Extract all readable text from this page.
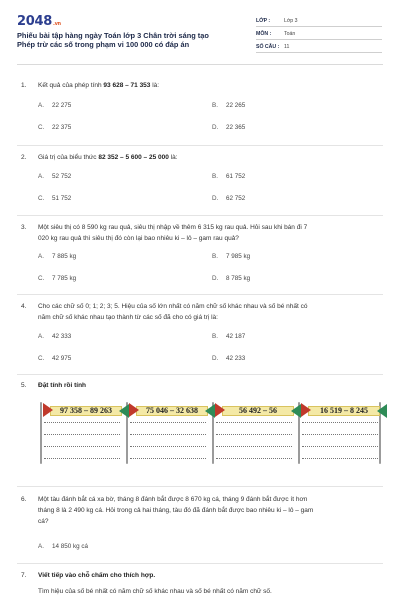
2048.vn
Phiếu bài tập hàng ngày Toán lớp 3 Chân trời sáng tạo
Phép trừ các số trong phạm vi 100 000 có đáp án
LỚP :	Lớp 3
MÔN :	Toán
SỐ CÂU : 11
1.	Kết quả của phép tính 93 628 – 71 353 là:
A. 22 275	B. 22 265
C. 22 375	D. 22 365
2.	Giá trị của biểu thức 82 352 – 5 600 – 25 000 là:
A. 52 752	B. 61 752
C. 51 752	D. 62 752
3.	Một siêu thị có 8 590 kg rau quả, siêu thị nhập về thêm 6 315 kg rau quả. Hỏi sau khi bán đi 7
020 kg rau quả thì siêu thị đó còn lại bao nhiêu ki – lô – gam rau quả?
A. 7 885 kg	B. 7 985 kg
C. 7 785 kg	D. 8 785 kg
4.	Cho các chữ số 0; 1; 2; 3; 5. Hiệu của số lớn nhất có năm chữ số khác nhau và số bé nhất có
năm chữ số khác nhau tạo thành từ các số đã cho có giá trị là:
A. 42 333	B. 42 187
C. 42 975	D. 42 233
5.	Đặt tính rồi tính
97 358 – 89 263	75 046 – 32 638	56 492 – 56	16 519 – 8 245
6.	Một tàu đánh bắt cá xa bờ, tháng 8 đánh bắt được 8 670 kg cá, tháng 9 đánh bắt được ít hơn
tháng 8 là 2 490 kg cá. Hỏi trong cả hai tháng, tàu đó đã đánh bắt được bao nhiêu ki – lô – gam
cá?
A. 14 850 kg cá
7.	Viết tiếp vào chỗ chấm cho thích hợp.
Tìm hiệu của số bé nhất có năm chữ số khác nhau và số bé nhất có năm chữ số.
